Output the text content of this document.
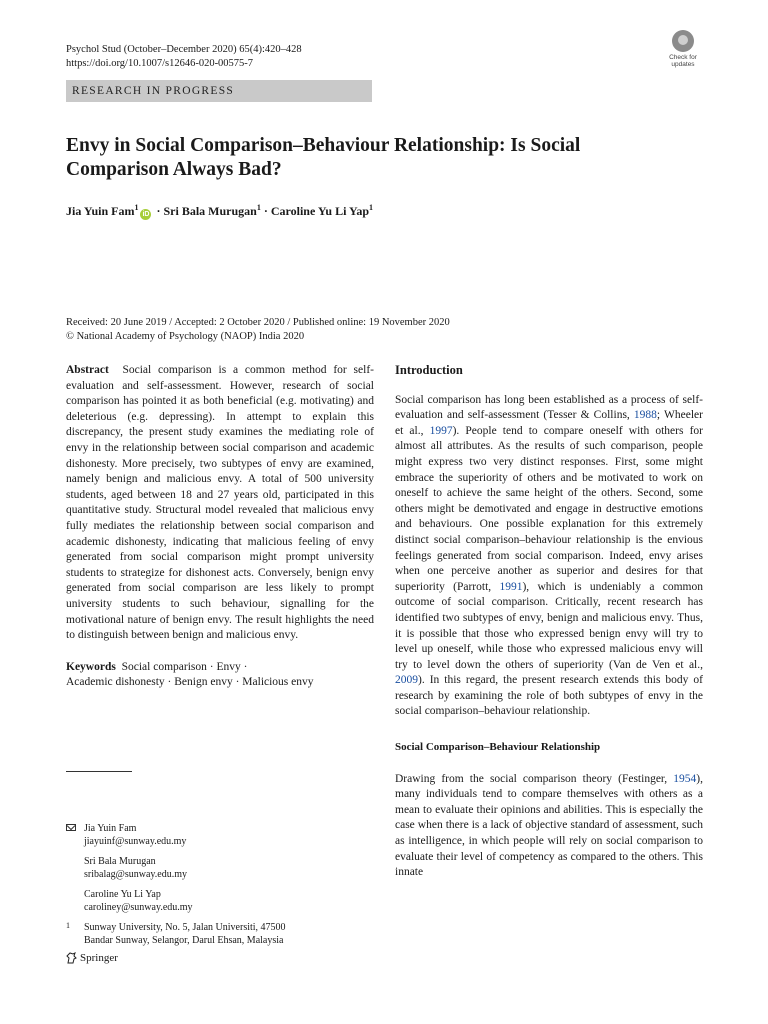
Psychol Stud (October–December 2020) 65(4):420–428
https://doi.org/10.1007/s12646-020-00575-7
Check for
updates
RESEARCH IN PROGRESS
Envy in Social Comparison–Behaviour Relationship: Is Social Comparison Always Bad?
Jia Yuin Fam$^1$iD · Sri Bala Murugan$^1$ · Caroline Yu Li Yap$^1$
Received: 20 June 2019 / Accepted: 2 October 2020 / Published online: 19 November 2020
© National Academy of Psychology (NAOP) India 2020

Abstract Social comparison is a common method for self-evaluation and self-assessment. However, research of social comparison has pointed it as both beneficial (e.g. motivating) and deleterious (e.g. depressing). In attempt to explain this discrepancy, the present study examines the mediating role of envy in the relationship between social comparison and academic dishonesty. More precisely, two subtypes of envy are examined, namely benign and malicious envy. A total of 500 university students, aged between 18 and 27 years old, participated in this quantitative study. Structural model revealed that malicious envy fully mediates the relationship between social comparison and academic dishonesty, indicating that malicious feeling of envy generated from social comparison might prompt university students to strategize for dishonest acts. Conversely, benign envy generated from social comparison are less likely to prompt university students to such behaviour, signalling for the motivational nature of benign envy. The result highlights the need to distinguish between benign and malicious envy.

Keywords Social comparison · Envy ·
Academic dishonesty · Benign envy · Malicious envy
Jia Yuin Fam
jiayuinf@sunway.edu.my
Sri Bala Murugan
sribalag@sunway.edu.my
Caroline Yu Li Yap
caroliney@sunway.edu.my
1 Sunway University, No. 5, Jalan Universiti, 47500
Bandar Sunway, Selangor, Darul Ehsan, Malaysia
Springer
Introduction

Social comparison has long been established as a process of self-evaluation and self-assessment (Tesser & Collins, 1988; Wheeler et al., 1997). People tend to compare oneself with others for almost all attributes. As the results of such comparison, people might express two very distinct responses. First, some might embrace the superiority of others and be motivated to work on oneself to achieve the same height of the others. Second, some others might be demotivated and engage in destructive emotions and behaviours. One possible explanation for this extremely distinct social comparison–behaviour relationship is the envious feelings generated from social comparison. Indeed, envy arises when one perceive another as superior and desires for that superiority (Parrott, 1991), which is undeniably a common outcome of social comparison. Critically, recent research has identified two subtypes of envy, benign and malicious envy. Thus, it is possible that those who expressed benign envy will try to level up oneself, while those who expressed malicious envy will try to level down the others of superiority (Van de Ven et al., 2009). In this regard, the present research extends this body of research by examining the role of both subtypes of envy in the social comparison–behaviour relationship.

Social Comparison–Behaviour Relationship

Drawing from the social comparison theory (Festinger, 1954), many individuals tend to compare themselves with others as a mean to evaluate their opinions and abilities. This is especially the case when there is a lack of objective standard of assessment, such as intelligence, in which people will rely on social comparison to evaluate their level of competency as compared to the others. This innate
